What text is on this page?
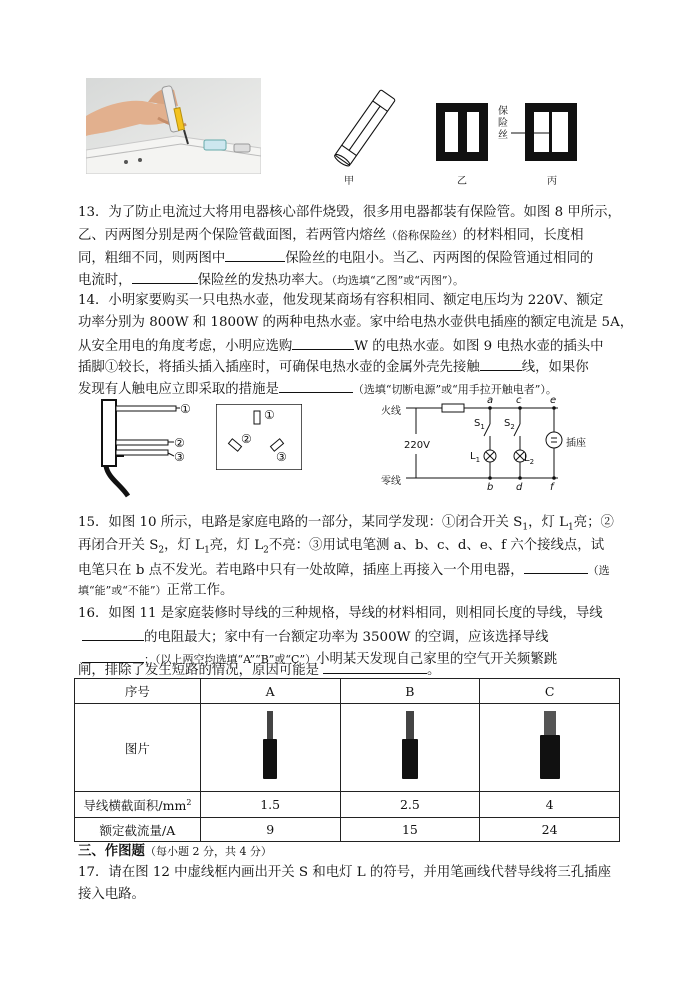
甲	乙
保险丝
丙
13．为了防止电流过大将用电器核心部件烧毁，很多用电器都装有保险管。如图 8 甲所示，
乙、丙两图分别是两个保险管截面图，若两管内熔丝（俗称保险丝）的材料相同，长度相
同，粗细不同，则两图中	保险丝的电阻小。当乙、丙两图的保险管通过相同的
电流时，	保险丝的发热功率大。（均选填“乙图”或“丙图”）。
14．小明家要购买一只电热水壶，他发现某商场有容积相同、额定电压均为 220V、额定
功率分别为 800W 和 1800W 的两种电热水壶。家中给电热水壶供电插座的额定电流是 5A，
从安全用电的角度考虑，小明应选购	W 的电热水壶。如图 9 电热水壶的插头中
插脚①较长，将插头插入插座时，可确保电热水壶的金属外壳先接触	线，如果你
发现有人触电应立即采取的措施是	（选填“切断电源”或“用手拉开触电者”）。
①
②
③
①
②
③
火线
零线
220V
a c	e
b d	f
$S_1$ $S_2$
$L_1$	$L_2$
插座
15．如图 10 所示，电路是家庭电路的一部分，某同学发现：①闭合开关 $S_1$，灯 $L_1$亮；②
再闭合开关 $S_2$，灯 $L_1$亮，灯 $L_2$不亮：③用试电笔测 a、b、c、d、e、f 六个接线点，试
电笔只在 b 点不发光。若电路中只有一处故障，插座上再接入一个用电器，	（选
填“能”或“不能”）正常工作。
16．如图 11 是家庭装修时导线的三种规格，导线的材料相同，则相同长度的导线，导线
的电阻最大；家中有一台额定功率为 3500W 的空调，应该选择导线
；（以上两空均选填“A”“B”或“C”）小明某天发现自己家里的空气开关频繁跳
闸，排除了发生短路的情况，原因可能是	。
序号	A	B	C
图片			
导线横截面积$/mm^2$	1.5	2.5	4
额定截流量/A	9	15	24
三、作图题（每小题 2 分，共 4 分）
17．请在图 12 中虚线框内画出开关 S 和电灯 L 的符号，并用笔画线代替导线将三孔插座
接入电路。
